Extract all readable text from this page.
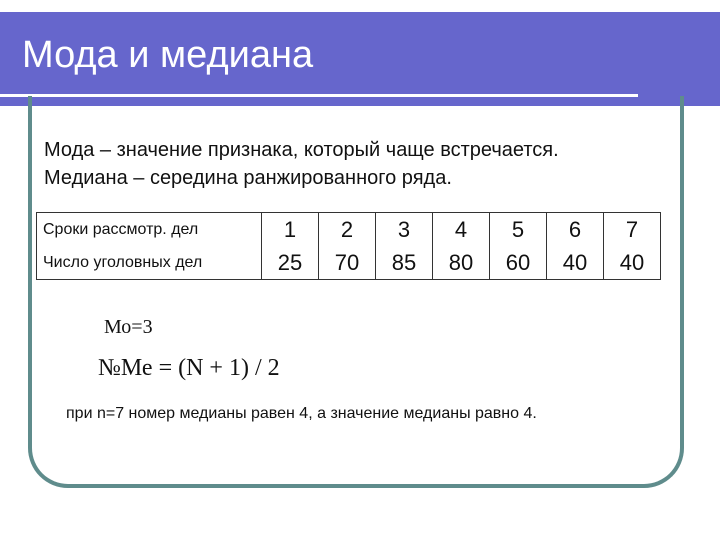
Мода и медиана
Мода – значение признака, который чаще встречается.
Медиана – середина ранжированного ряда.
Сроки рассмотр. дел	1	2	3	4	5	6	7
Число уголовных дел	25	70	85	80	60	40	40
Мо=3
№Ме = (N + 1) / 2
при n=7 номер медианы равен 4, а значение медианы равно 4.
